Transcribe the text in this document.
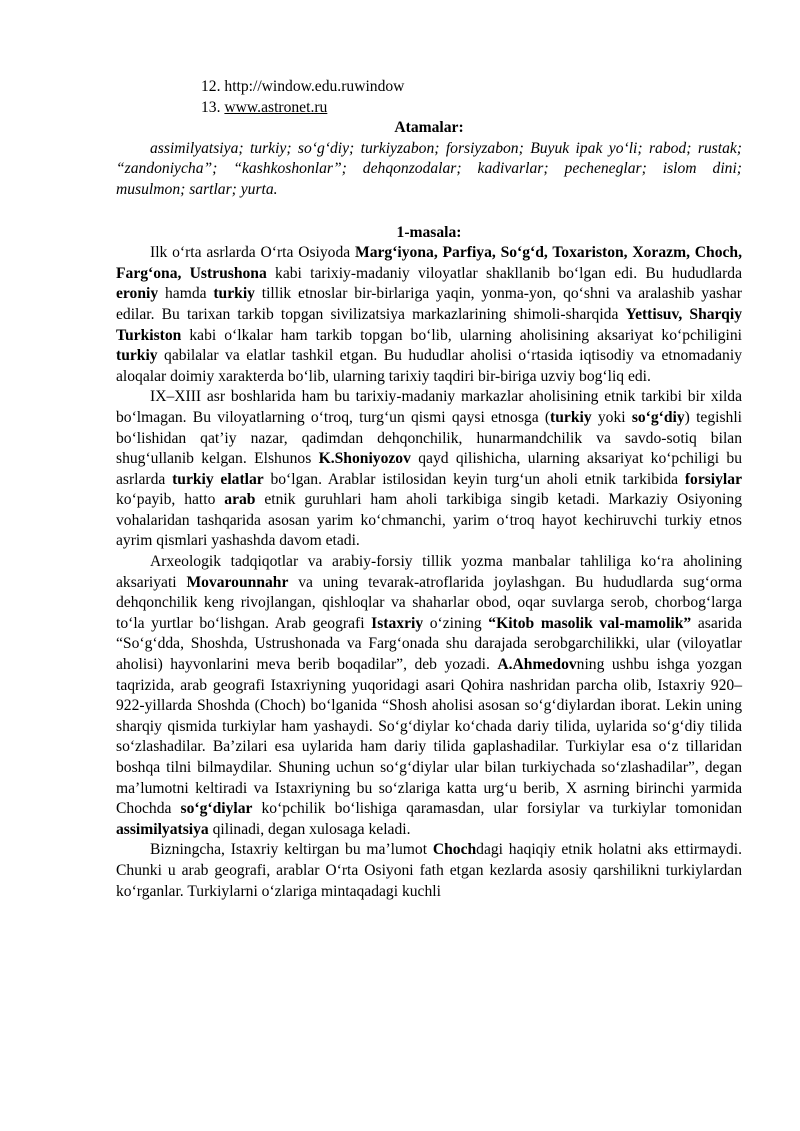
12. http://window.edu.ruwindow
13. www.astronet.ru
Atamalar:

assimilyatsiya; turkiy; so‘g‘diy; turkiyzabon; forsiyzabon; Buyuk ipak yo‘li; rabod; rustak; “zandoniycha”; “kashkoshonlar”; dehqonzodalar; kadivarlar; pecheneglar; islom dini; musulmon; sartlar; yurta.

1-masala:

Ilk o‘rta asrlarda O‘rta Osiyoda Marg‘iyona, Parfiya, So‘g‘d, Toxariston, Xorazm, Choch, Farg‘ona, Ustrushona kabi tarixiy-madaniy viloyatlar shakllanib bo‘lgan edi. Bu hududlarda eroniy hamda turkiy tillik etnoslar bir-birlariga yaqin, yonma-yon, qo‘shni va aralashib yashar edilar. Bu tarixan tarkib topgan sivilizatsiya markazlarining shimoli-sharqida Yettisuv, Sharqiy Turkiston kabi o‘lkalar ham tarkib topgan bo‘lib, ularning aholisining aksariyat ko‘pchiligini turkiy qabilalar va elatlar tashkil etgan. Bu hududlar aholisi o‘rtasida iqtisodiy va etnomadaniy aloqalar doimiy xarakterda bo‘lib, ularning tarixiy taqdiri bir-biriga uzviy bog‘liq edi.

IX–XIII asr boshlarida ham bu tarixiy-madaniy markazlar aholisining etnik tarkibi bir xilda bo‘lmagan. Bu viloyatlarning o‘troq, turg‘un qismi qaysi etnosga (turkiy yoki so‘g‘diy) tegishli bo‘lishidan qat’iy nazar, qadimdan dehqonchilik, hunarmandchilik va savdo-sotiq bilan shug‘ullanib kelgan. Elshunos K.Shoniyozov qayd qilishicha, ularning aksariyat ko‘pchiligi bu asrlarda turkiy elatlar bo‘lgan. Arablar istilosidan keyin turg‘un aholi etnik tarkibida forsiylar ko‘payib, hatto arab etnik guruhlari ham aholi tarkibiga singib ketadi. Markaziy Osiyoning vohalaridan tashqarida asosan yarim ko‘chmanchi, yarim o‘troq hayot kechiruvchi turkiy etnos ayrim qismlari yashashda davom etadi.

Arxeologik tadqiqotlar va arabiy-forsiy tillik yozma manbalar tahliliga ko‘ra aholining aksariyati Movarounnahr va uning tevarak-atroflarida joylashgan. Bu hududlarda sug‘orma dehqonchilik keng rivojlangan, qishloqlar va shaharlar obod, oqar suvlarga serob, chorbog‘larga to‘la yurtlar bo‘lishgan. Arab geografi Istaxriy o‘zining “Kitob masolik val-mamolik” asarida “So‘g‘dda, Shoshda, Ustrushonada va Farg‘onada shu darajada serobgarchilikki, ular (viloyatlar aholisi) hayvonlarini meva berib boqadilar”, deb yozadi. A.Ahmedovning ushbu ishga yozgan taqrizida, arab geografi Istaxriyning yuqoridagi asari Qohira nashridan parcha olib, Istaxriy 920–922-yillarda Shoshda (Choch) bo‘lganida “Shosh aholisi asosan so‘g‘diylardan iborat. Lekin uning sharqiy qismida turkiylar ham yashaydi. So‘g‘diylar ko‘chada dariy tilida, uylarida so‘g‘diy tilida so‘zlashadilar. Ba’zilari esa uylarida ham dariy tilida gaplashadilar. Turkiylar esa o‘z tillaridan boshqa tilni bilmaydilar. Shuning uchun so‘g‘diylar ular bilan turkiychada so‘zlashadilar”, degan ma’lumotni keltiradi va Istaxriyning bu so‘zlariga katta urg‘u berib, X asrning birinchi yarmida Chochda so‘g‘diylar ko‘pchilik bo‘lishiga qaramasdan, ular forsiylar va turkiylar tomonidan assimilyatsiya qilinadi, degan xulosaga keladi.

Bizningcha, Istaxriy keltirgan bu ma’lumot Chochdagi haqiqiy etnik holatni aks ettirmaydi. Chunki u arab geografi, arablar O‘rta Osiyoni fath etgan kezlarda asosiy qarshilikni turkiylardan ko‘rganlar. Turkiylarni o‘zlariga mintaqadagi kuchli
